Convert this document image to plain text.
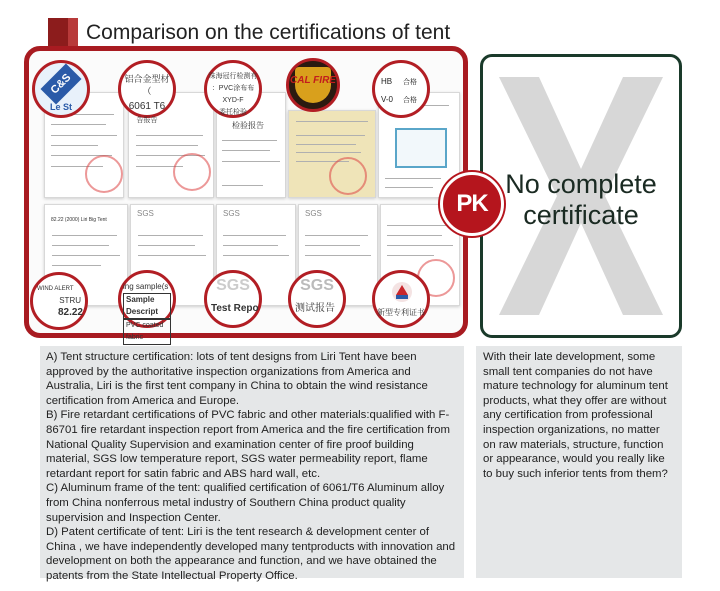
Comparison on the certifications of tent
82.22 (2000) Liri Big Tent
SGS	SGS	SGS
C&S
Le St
铝合金型材（
6061 T6
告报告
珠海冠行检测有
：PVC涂布布 XYD-F
委托检验
检验报告
CAL FIRE	HB 合格
V-0 合格
WIND ALERT
STRU
82.22
ing sample(s
Sample Descript
PVC coated fabric
SGS
Test Repo
SGS
测试报告	新型专利证书
No complete certificate
PK

A) Tent structure certification: lots of tent designs from Liri Tent have been approved by the authoritative inspection organizations from America and Australia, Liri is the first tent company in China to obtain the wind resistance certification from America and Europe.

B) Fire retardant certifications of PVC fabric and other materials:qualified with F-86701 fire retardant inspection report from America and the fire certification from National Quality Supervision and examination center of fire proof building material, SGS low temperature report, SGS water permeability report, flame retardant report for satin fabric and ABS hard wall, etc.

C) Aluminum frame of the tent: qualified certification of 6061/T6 Aluminum alloy from China nonferrous metal industry of Southern China product quality supervision and Inspection Center.

D) Patent certificate of tent: Liri is the tent research & development center of China , we have independently developed many tentproducts with innovation and development on both the appearance and function, and we have obtained the patents from the State Intellectual Property Office.

With their late development, some small tent companies do not have mature technology for aluminum tent products, what they offer are without any certification from professional inspection organizations, no matter on raw materials, structure, function or appearance, would you really like to buy such inferior tents from them?
